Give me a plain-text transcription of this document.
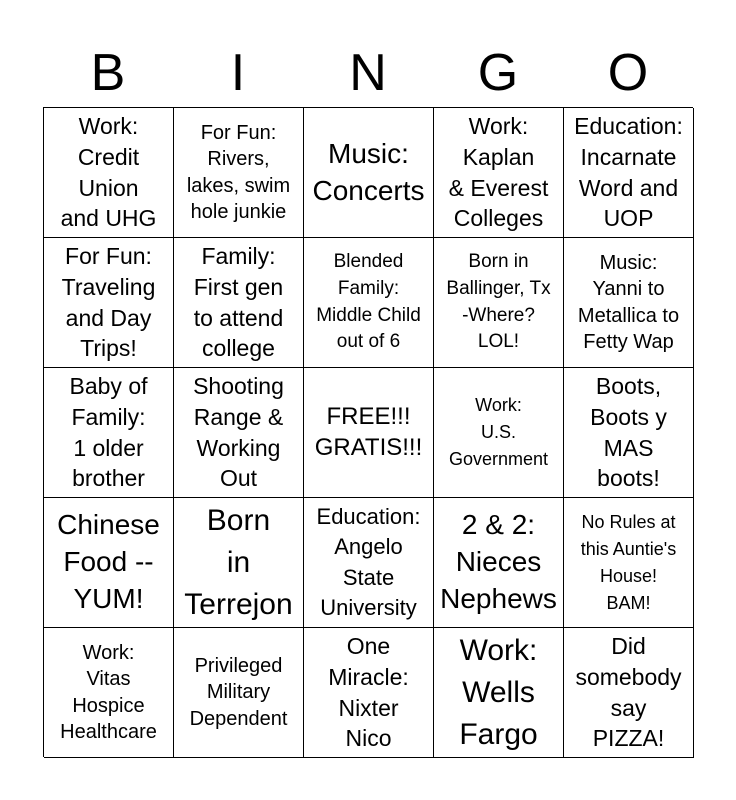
B	I	N	G	O
Work:
Credit
Union
and UHG
For Fun:
Rivers,
lakes, swim
hole junkie
Music:
Concerts
Work:
Kaplan
& Everest
Colleges
Education:
Incarnate
Word and
UOP
For Fun:
Traveling
and Day
Trips!
Family:
First gen
to attend
college
Blended
Family:
Middle Child
out of 6
Born in
Ballinger, Tx
-Where?
LOL!
Music:
Yanni to
Metallica to
Fetty Wap
Baby of
Family:
1 older
brother
Shooting
Range &
Working
Out
FREE!!!
GRATIS!!!
Work:
U.S.
Government
Boots,
Boots y
MAS
boots!
Chinese
Food --
YUM!
Born
in
Terrejon
Education:
Angelo
State
University
2 & 2:
Nieces
Nephews
No Rules at
this Auntie's
House!
BAM!
Work:
Vitas
Hospice
Healthcare
Privileged
Military
Dependent
One
Miracle:
Nixter
Nico
Work:
Wells
Fargo
Did
somebody
say
PIZZA!
